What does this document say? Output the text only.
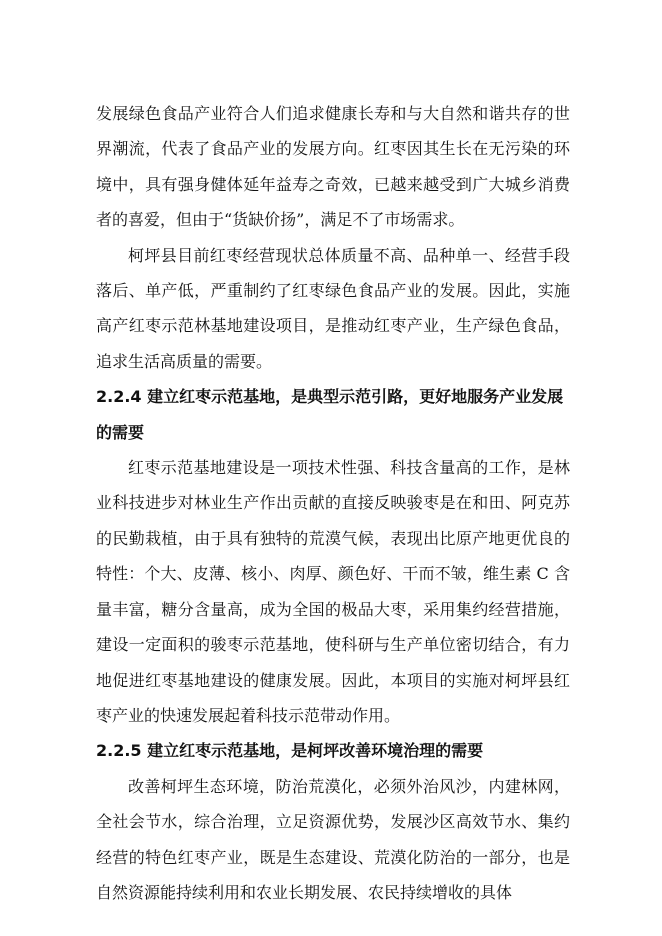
发展绿色食品产业符合人们追求健康长寿和与大自然和谐共存的世界潮流，代表了食品产业的发展方向。红枣因其生长在无污染的环境中，具有强身健体延年益寿之奇效，已越来越受到广大城乡消费者的喜爱，但由于“货缺价扬”，满足不了市场需求。

柯坪县目前红枣经营现状总体质量不高、品种单一、经营手段落后、单产低，严重制约了红枣绿色食品产业的发展。因此，实施高产红枣示范林基地建设项目，是推动红枣产业，生产绿色食品，追求生活高质量的需要。

2.2.4 建立红枣示范基地，是典型示范引路，更好地服务产业发展的需要

红枣示范基地建设是一项技术性强、科技含量高的工作，是林业科技进步对林业生产作出贡献的直接反映骏枣是在和田、阿克苏的民勤栽植，由于具有独特的荒漠气候，表现出比原产地更优良的特性：个大、皮薄、核小、肉厚、颜色好、干而不皱，维生素 C 含量丰富，糖分含量高，成为全国的极品大枣，采用集约经营措施，建设一定面积的骏枣示范基地，使科研与生产单位密切结合，有力地促进红枣基地建设的健康发展。因此，本项目的实施对柯坪县红枣产业的快速发展起着科技示范带动作用。

2.2.5 建立红枣示范基地，是柯坪改善环境治理的需要

改善柯坪生态环境，防治荒漠化，必须外治风沙，内建林网，全社会节水，综合治理，立足资源优势，发展沙区高效节水、集约经营的特色红枣产业，既是生态建设、荒漠化防治的一部分，也是自然资源能持续利用和农业长期发展、农民持续增收的具体
